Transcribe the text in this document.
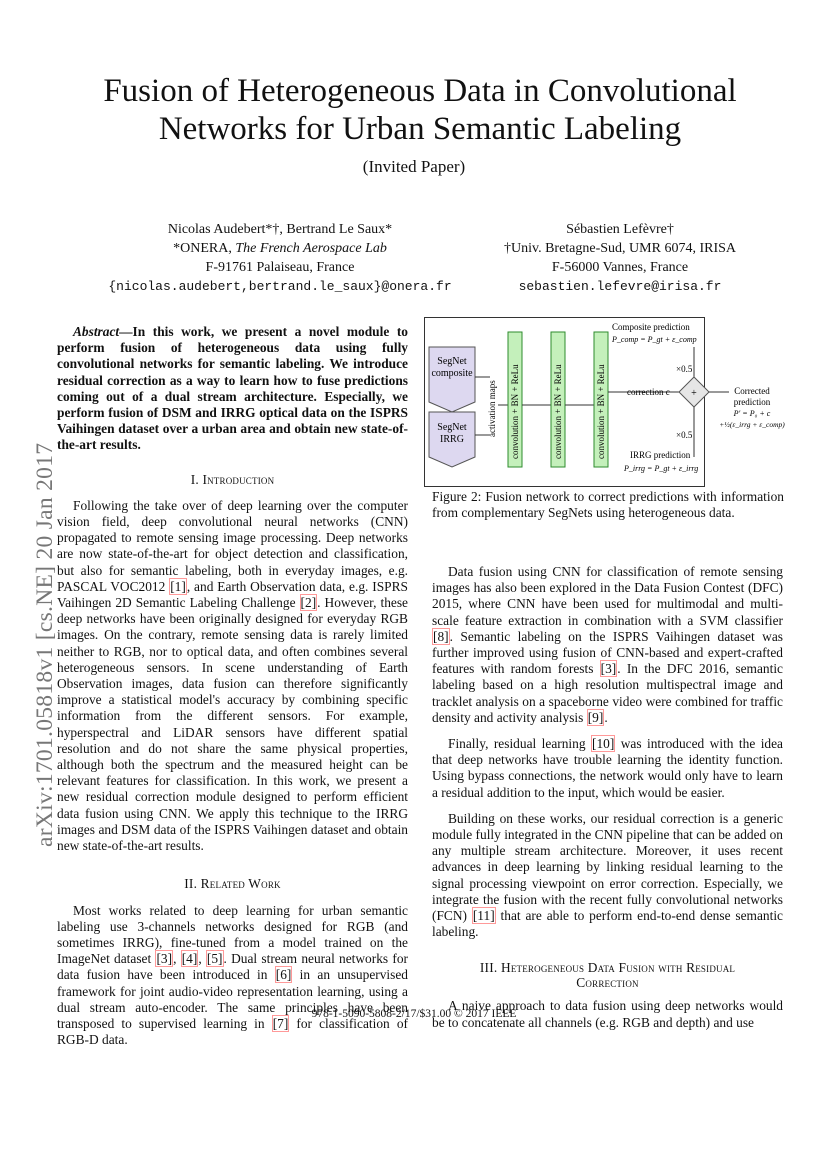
arXiv:1701.05818v1 [cs.NE] 20 Jan 2017
Fusion of Heterogeneous Data in Convolutional
Networks for Urban Semantic Labeling
(Invited Paper)
Nicolas Audebert*†, Bertrand Le Saux*
*ONERA, The French Aerospace Lab
F-91761 Palaiseau, France
{nicolas.audebert,bertrand.le_saux}@onera.fr
Sébastien Lefèvre†
†Univ. Bretagne-Sud, UMR 6074, IRISA
F-56000 Vannes, France
sebastien.lefevre@irisa.fr

Abstract—In this work, we present a novel module to perform fusion of heterogeneous data using fully convolutional networks for semantic labeling. We introduce residual correction as a way to learn how to fuse predictions coming out of a dual stream architecture. Especially, we perform fusion of DSM and IRRG optical data on the ISPRS Vaihingen dataset over a urban area and obtain new state-of-the-art results.

I. Introduction

Following the take over of deep learning over the computer vision field, deep convolutional neural networks (CNN) propagated to remote sensing image processing. Deep networks are now state-of-the-art for object detection and classification, but also for semantic labeling, both in everyday images, e.g. PASCAL VOC2012 [1], and Earth Observation data, e.g. ISPRS Vaihingen 2D Semantic Labeling Challenge [2]. However, these deep networks have been originally designed for everyday RGB images. On the contrary, remote sensing data is rarely limited neither to RGB, nor to optical data, and often combines several heterogeneous sensors. In scene understanding of Earth Observation images, data fusion can therefore significantly improve a statistical model's accuracy by combining specific information from the different sensors. For example, hyperspectral and LiDAR sensors have different spatial resolution and do not share the same physical properties, although both the spectrum and the measured height can be relevant features for classification. In this work, we present a new residual correction module designed to perform efficient data fusion using CNN. We apply this technique to the IRRG images and DSM data of the ISPRS Vaihingen dataset and obtain new state-of-the-art results.

II. Related Work

Most works related to deep learning for urban semantic labeling use 3-channels networks designed for RGB (and sometimes IRRG), fine-tuned from a model trained on the ImageNet dataset [3], [4], [5]. Dual stream neural networks for data fusion have been introduced in [6] in an unsupervised framework for joint audio-video representation learning, using a dual stream auto-encoder. The same principles have been transposed to supervised learning in [7] for classification of RGB-D data.

SegNet
composite
SegNet
IRRG
activation maps convolution + BN + ReLu	convolution + BN + ReLu	convolution + BN + ReLu correction c
Composite prediction
P_comp = P_gt + ε_comp
×0.5
+
×0.5
IRRG prediction
P_irrg = P_gt + ε_irrg
Corrected
prediction
P′ = P₀ + c
+½(ε_irrg + ε_comp)
Figure 2: Fusion network to correct predictions with information from complementary SegNets using heterogeneous data.

Data fusion using CNN for classification of remote sensing images has also been explored in the Data Fusion Contest (DFC) 2015, where CNN have been used for multimodal and multi-scale feature extraction in combination with a SVM classifier [8]. Semantic labeling on the ISPRS Vaihingen dataset was further improved using fusion of CNN-based and expert-crafted features with random forests [3]. In the DFC 2016, semantic labeling based on a high resolution multispectral image and tracklet analysis on a spaceborne video were combined for traffic density and activity analysis [9].

Finally, residual learning [10] was introduced with the idea that deep networks have trouble learning the identity function. Using bypass connections, the network would only have to learn a residual addition to the input, which would be easier.

Building on these works, our residual correction is a generic module fully integrated in the CNN pipeline that can be added on any multiple stream architecture. Moreover, it uses recent advances in deep learning by linking residual learning to the signal processing viewpoint on error correction. Especially, we integrate the fusion with the recent fully convolutional networks (FCN) [11] that are able to perform end-to-end dense semantic labeling.

III. Heterogeneous Data Fusion with Residual
Correction

A naive approach to data fusion using deep networks would be to concatenate all channels (e.g. RGB and depth) and use

978-1-5090-5808-2/17/$31.00 © 2017 IEEE
